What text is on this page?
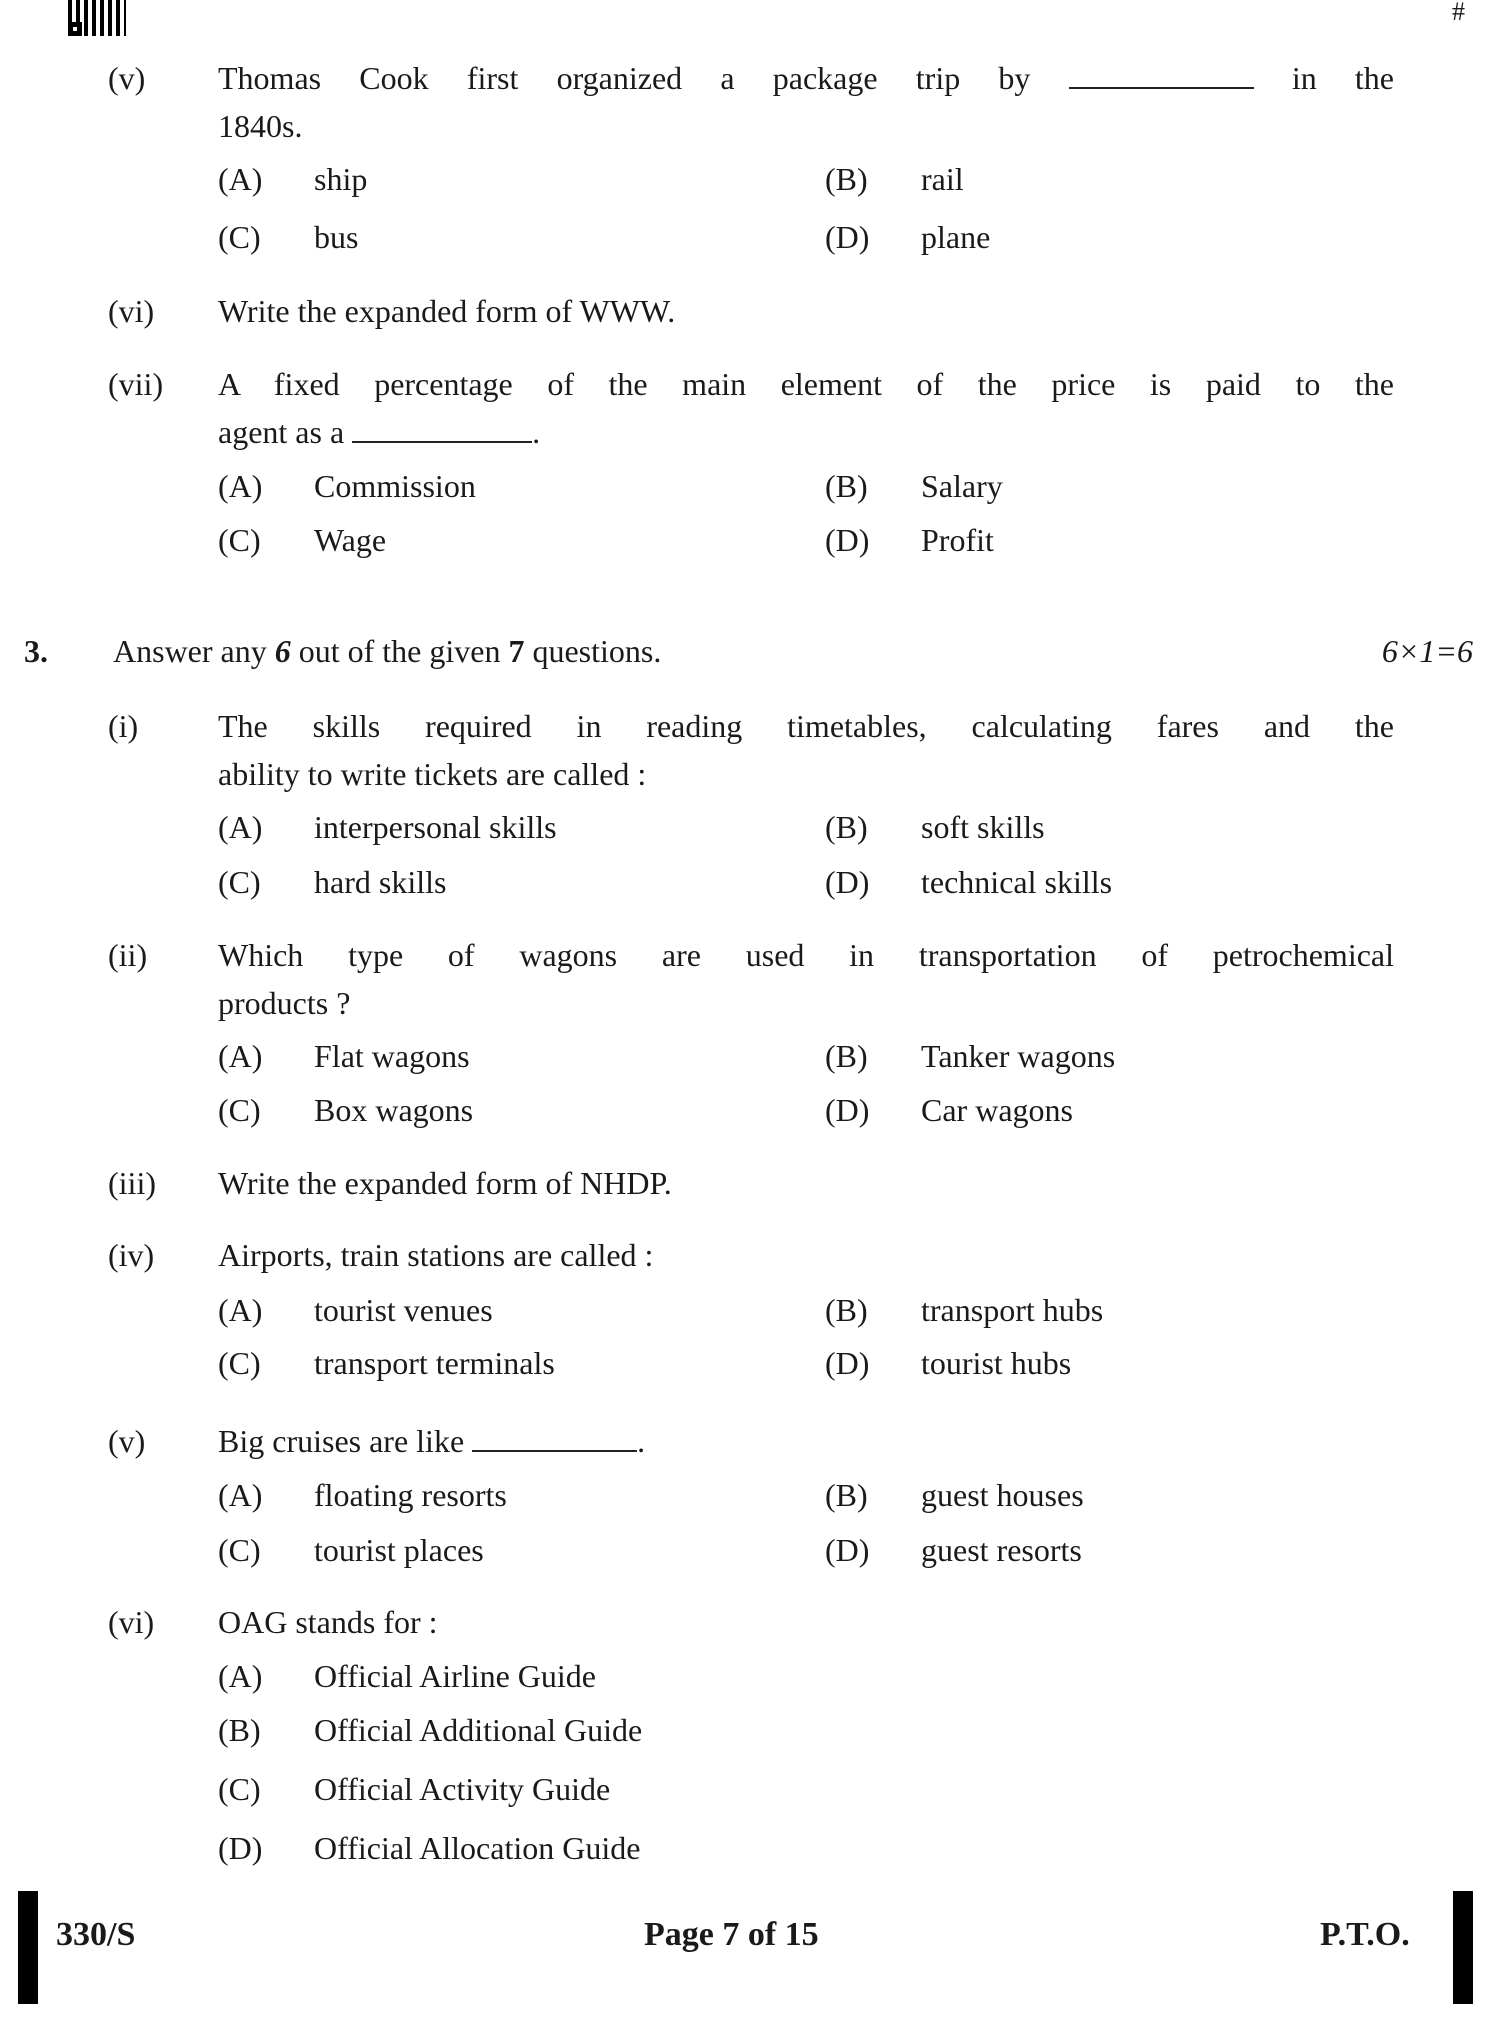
#
(v) Thomas Cook first organized a package trip by	in the
1840s.
(A) ship	(B) rail
(C) bus	(D) plane
(vi) Write the expanded form of WWW.
(vii) A fixed percentage of the main element of the price is paid to the
agent as a	.
(A) Commission	(B) Salary
(C) Wage	(D) Profit
3. Answer any 6 out of the given 7 questions.	6×1=6
(i) The skills required in reading timetables, calculating fares and the
ability to write tickets are called :
(A) interpersonal skills	(B) soft skills
(C) hard skills	(D) technical skills
(ii) Which type of wagons are used in transportation of petrochemical
products ?
(A) Flat wagons	(B) Tanker wagons
(C) Box wagons	(D) Car wagons
(iii) Write the expanded form of NHDP.
(iv) Airports, train stations are called :
(A) tourist venues	(B) transport hubs
(C) transport terminals	(D) tourist hubs
(v) Big cruises are like	.
(A) floating resorts	(B) guest houses
(C) tourist places	(D) guest resorts
(vi) OAG stands for :
(A) Official Airline Guide
(B) Official Additional Guide
(C) Official Activity Guide
(D) Official Allocation Guide
330/S	Page 7 of 15	P.T.O.
